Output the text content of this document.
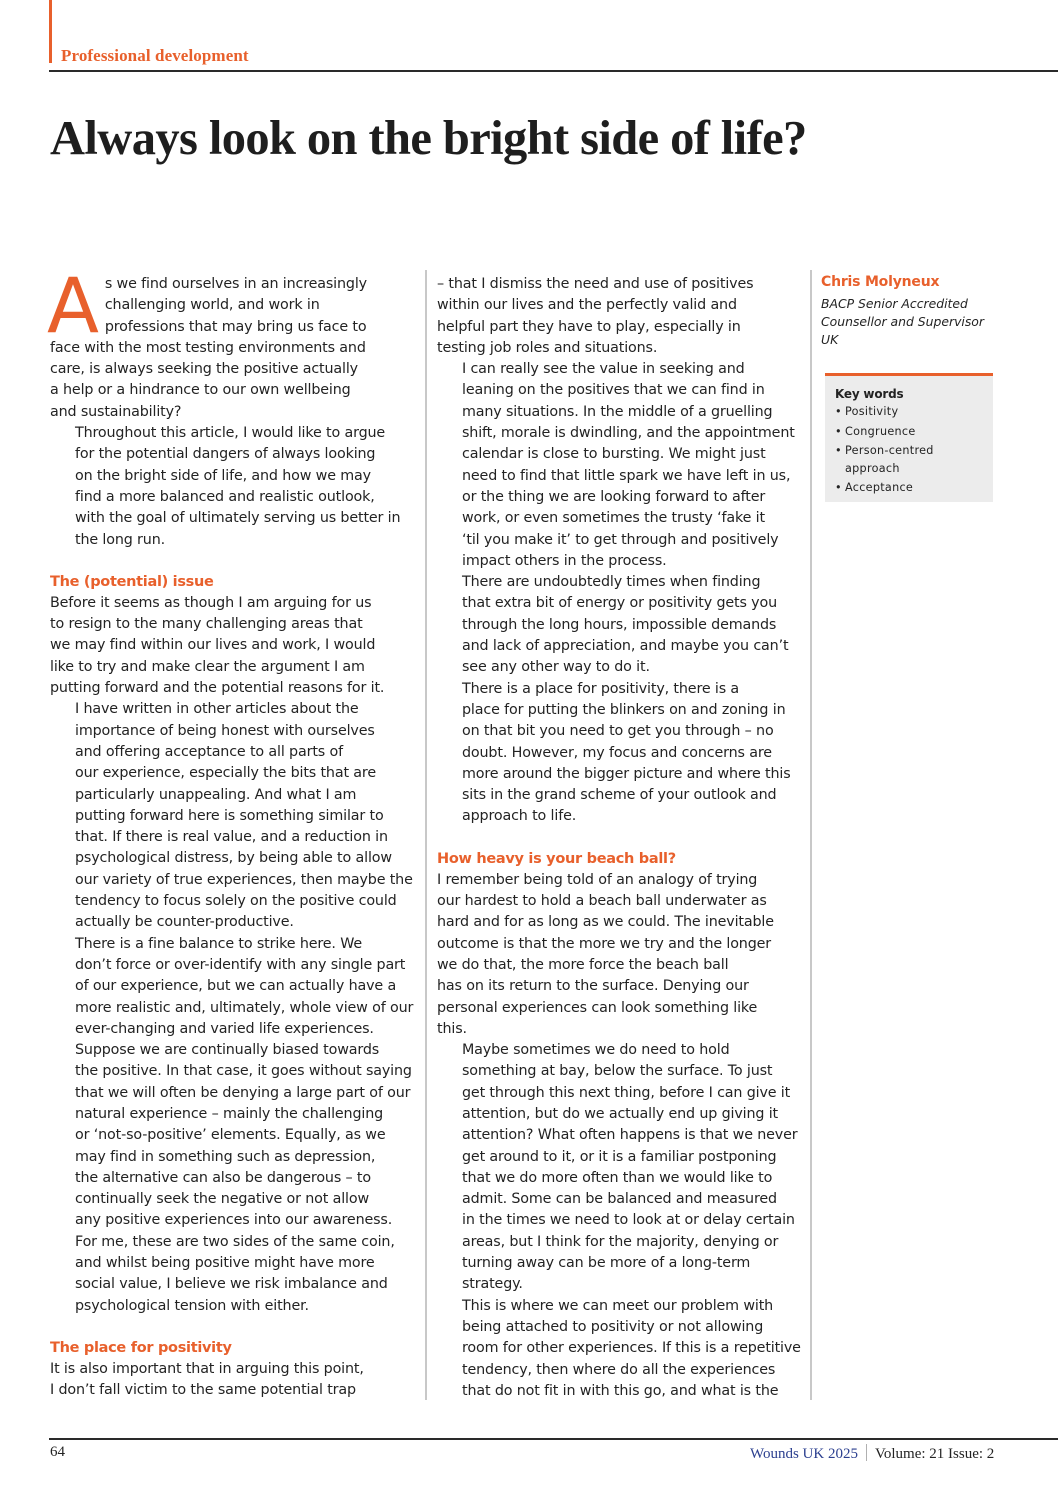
Professional development
Always look on the bright side of life?

A s we find ourselves in an increasingly
challenging world, and work in
professions that may bring us face to
face with the most testing environments and
care, is always seeking the positive actually
a help or a hindrance to our own wellbeing
and sustainability?

Throughout this article, I would like to argue
for the potential dangers of always looking
on the bright side of life, and how we may
find a more balanced and realistic outlook,
with the goal of ultimately serving us better in
the long run.

The (potential) issue

Before it seems as though I am arguing for us
to resign to the many challenging areas that
we may find within our lives and work, I would
like to try and make clear the argument I am
putting forward and the potential reasons for it.

I have written in other articles about the
importance of being honest with ourselves
and offering acceptance to all parts of
our experience, especially the bits that are
particularly unappealing. And what I am
putting forward here is something similar to
that. If there is real value, and a reduction in
psychological distress, by being able to allow
our variety of true experiences, then maybe the
tendency to focus solely on the positive could
actually be counter-productive.

There is a fine balance to strike here. We
don’t force or over-identify with any single part
of our experience, but we can actually have a
more realistic and, ultimately, whole view of our
ever-changing and varied life experiences.

Suppose we are continually biased towards
the positive. In that case, it goes without saying
that we will often be denying a large part of our
natural experience – mainly the challenging
or ‘not-so-positive’ elements. Equally, as we
may find in something such as depression,
the alternative can also be dangerous – to
continually seek the negative or not allow
any positive experiences into our awareness.
For me, these are two sides of the same coin,
and whilst being positive might have more
social value, I believe we risk imbalance and
psychological tension with either.

The place for positivity

It is also important that in arguing this point,
I don’t fall victim to the same potential trap

– that I dismiss the need and use of positives
within our lives and the perfectly valid and
helpful part they have to play, especially in
testing job roles and situations.

I can really see the value in seeking and
leaning on the positives that we can find in
many situations. In the middle of a gruelling
shift, morale is dwindling, and the appointment
calendar is close to bursting. We might just
need to find that little spark we have left in us,
or the thing we are looking forward to after
work, or even sometimes the trusty ‘fake it
‘til you make it’ to get through and positively
impact others in the process.

There are undoubtedly times when finding
that extra bit of energy or positivity gets you
through the long hours, impossible demands
and lack of appreciation, and maybe you can’t
see any other way to do it.

There is a place for positivity, there is a
place for putting the blinkers on and zoning in
on that bit you need to get you through – no
doubt. However, my focus and concerns are
more around the bigger picture and where this
sits in the grand scheme of your outlook and
approach to life.

How heavy is your beach ball?

I remember being told of an analogy of trying
our hardest to hold a beach ball underwater as
hard and for as long as we could. The inevitable
outcome is that the more we try and the longer
we do that, the more force the beach ball
has on its return to the surface. Denying our
personal experiences can look something like
this.

Maybe sometimes we do need to hold
something at bay, below the surface. To just
get through this next thing, before I can give it
attention, but do we actually end up giving it
attention? What often happens is that we never
get around to it, or it is a familiar postponing
that we do more often than we would like to
admit. Some can be balanced and measured
in the times we need to look at or delay certain
areas, but I think for the majority, denying or
turning away can be more of a long-term
strategy.

This is where we can meet our problem with
being attached to positivity or not allowing
room for other experiences. If this is a repetitive
tendency, then where do all the experiences
that do not fit in with this go, and what is the

Chris Molyneux
BACP Senior Accredited
Counsellor and Supervisor
UK
Key words
• Positivity
• Congruence
• Person-centred approach
• Acceptance
64	Wounds UK 2025 Volume: 21 Issue: 2
